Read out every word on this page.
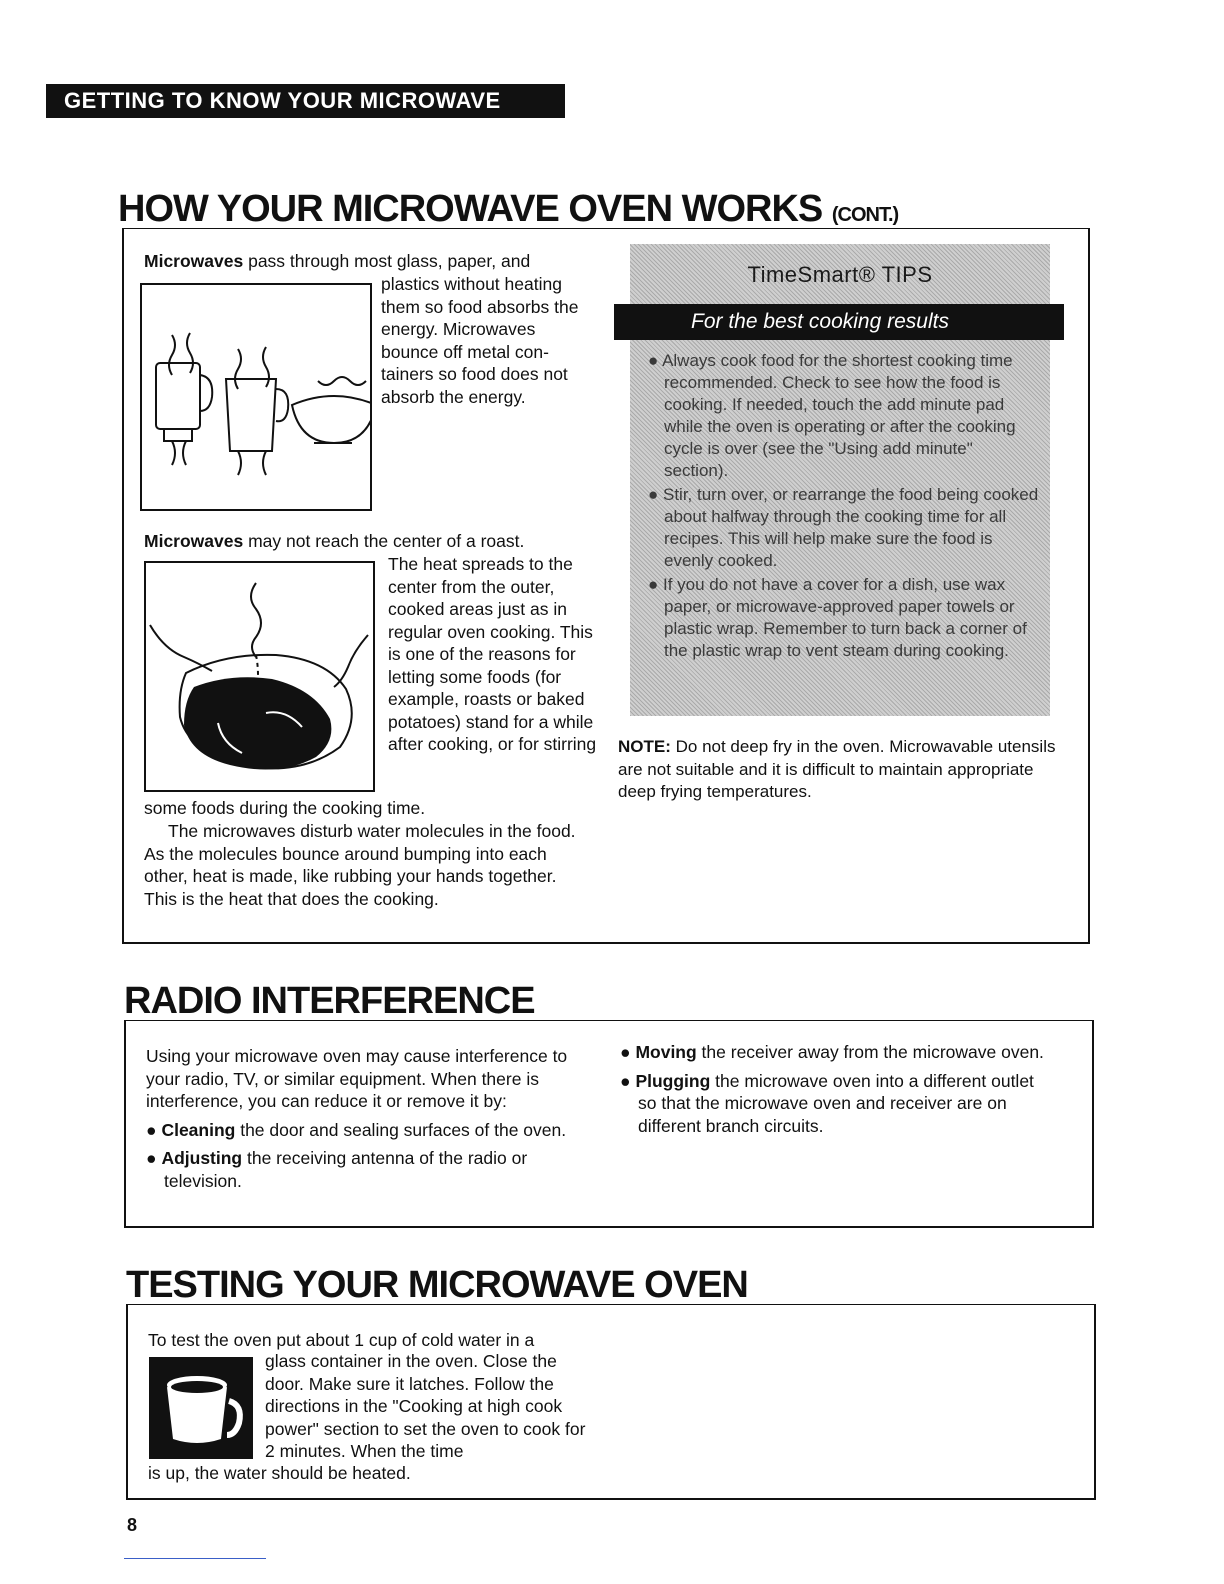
GETTING TO KNOW YOUR MICROWAVE OVEN
HOW YOUR MICROWAVE OVEN WORKS (CONT.)
Microwaves pass through most glass, paper, and
plastics without heating them so food absorbs the energy. Microwaves bounce off metal con-tainers so food does not absorb the energy.
Microwaves may not reach the center of a roast.
The heat spreads to the center from the outer, cooked areas just as in regular oven cooking. This is one of the reasons for letting some foods (for example, roasts or baked potatoes) stand for a while after cooking, or for stirring
some foods during the cooking time.
The microwaves disturb water molecules in the food. As the molecules bounce around bumping into each other, heat is made, like rubbing your hands together. This is the heat that does the cooking.
TimeSmart® TIPS
For the best cooking results
● Always cook food for the shortest cooking time recommended. Check to see how the food is cooking. If needed, touch the add minute pad while the oven is operating or after the cooking cycle is over (see the "Using add minute" section).
● Stir, turn over, or rearrange the food being cooked about halfway through the cooking time for all recipes. This will help make sure the food is evenly cooked.
● If you do not have a cover for a dish, use wax paper, or microwave-approved paper towels or plastic wrap. Remember to turn back a corner of the plastic wrap to vent steam during cooking.
NOTE: Do not deep fry in the oven. Microwavable utensils are not suitable and it is difficult to maintain appropriate deep frying temperatures.
RADIO INTERFERENCE
Using your microwave oven may cause interference to your radio, TV, or similar equipment. When there is interference, you can reduce it or remove it by:

● Cleaning the door and sealing surfaces of the oven.

● Adjusting the receiving antenna of the radio or television.

● Moving the receiver away from the microwave oven.

● Plugging the microwave oven into a different outlet so that the microwave oven and receiver are on different branch circuits.

TESTING YOUR MICROWAVE OVEN
To test the oven put about 1 cup of cold water in a
glass container in the oven. Close the door. Make sure it latches. Follow the directions in the "Cooking at high cook power" section to set the oven to cook for 2 minutes. When the time
is up, the water should be heated.
8
